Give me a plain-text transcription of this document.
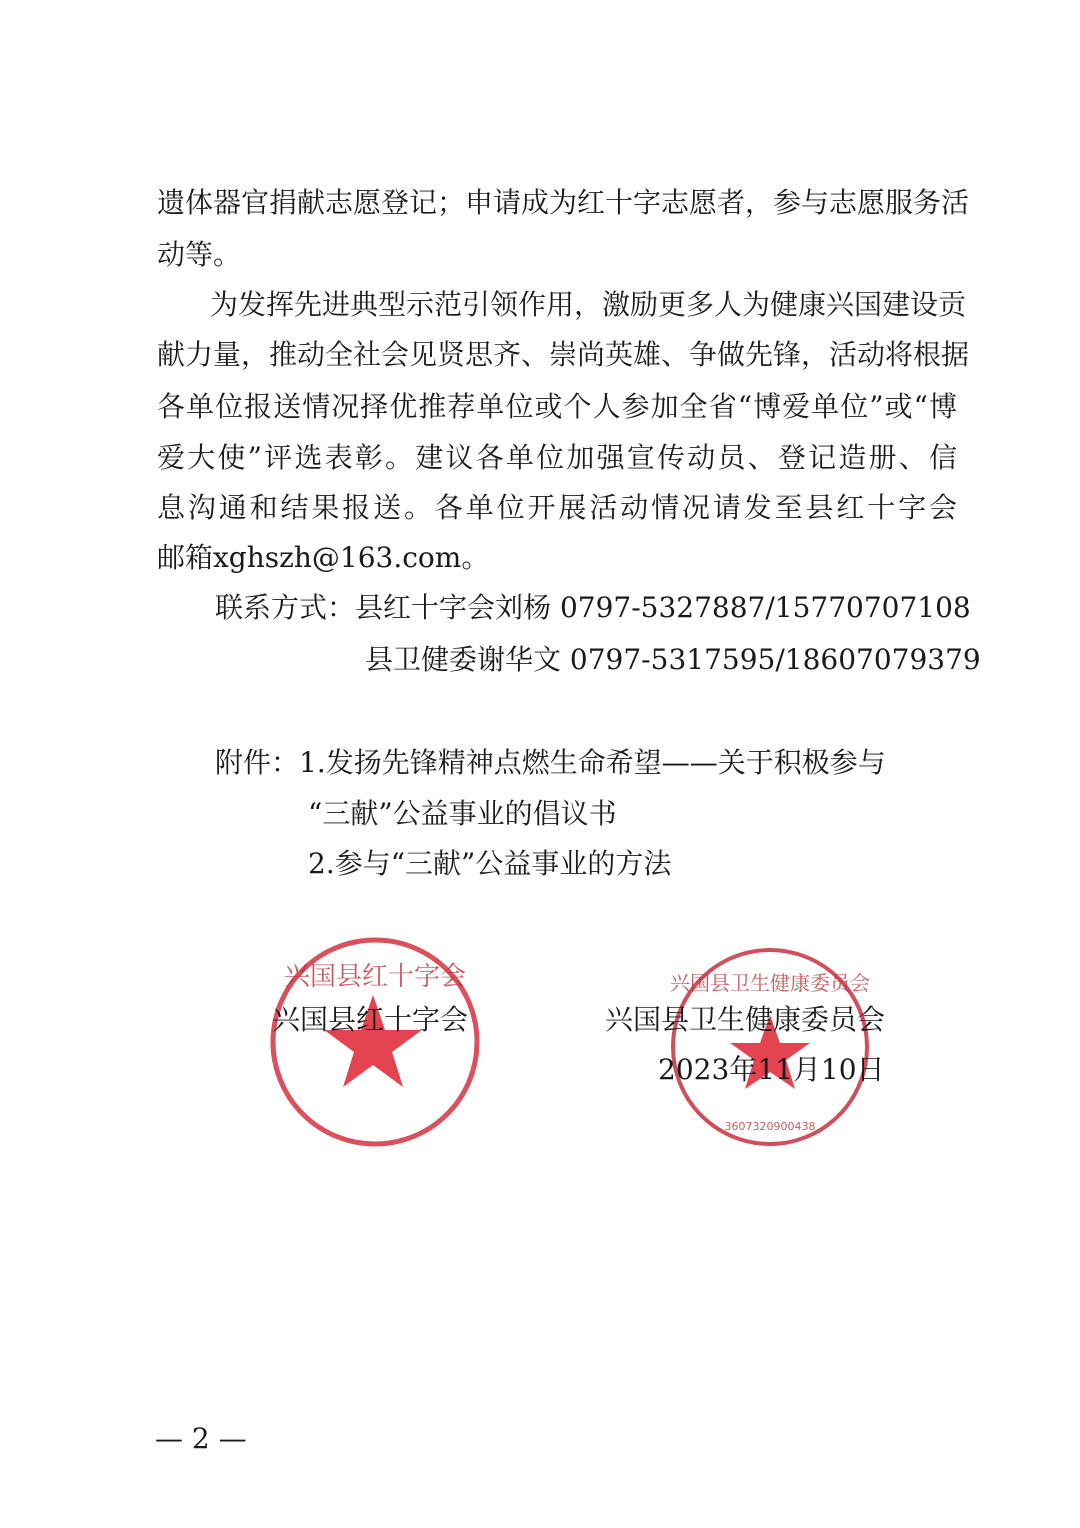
遗体器官捐献志愿登记；申请成为红十字志愿者，参与志愿服务活
动等。
为发挥先进典型示范引领作用，激励更多人为健康兴国建设贡
献力量，推动全社会见贤思齐、崇尚英雄、争做先锋，活动将根据
各单位报送情况择优推荐单位或个人参加全省“博爱单位”或“博
爱大使”评选表彰。建议各单位加强宣传动员、登记造册、信
息沟通和结果报送。各单位开展活动情况请发至县红十字会
邮箱xghszh@163.com。
联系方式：县红十字会刘杨 0797-5327887/15770707108
县卫健委谢华文 0797-5317595/18607079379
附件：1.发扬先锋精神点燃生命希望——关于积极参与
“三献”公益事业的倡议书
2.参与“三献”公益事业的方法
兴国县红十字会	兴国县卫生健康委员会
3607320900438
兴国县红十字会	兴国县卫生健康委员会
2023年11月10日
— 2 —
